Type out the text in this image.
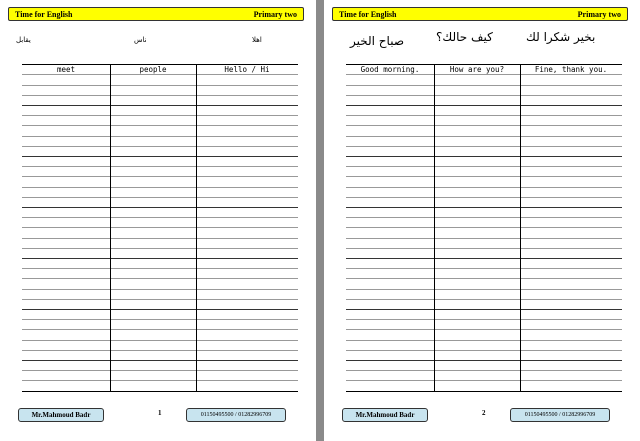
Time for English	Primary two
يقابل	ناس	اهلا
meet	people	Hello / Hi
Mr.Mahmoud Badr	1	01150495500 / 01282996709
Time for English	Primary two
صباح الخير	كيف حالك؟	بخير شكرا لك
Good morning.	How are you?	Fine, thank you.
Mr.Mahmoud Badr	2	01150495500 / 01282996709
